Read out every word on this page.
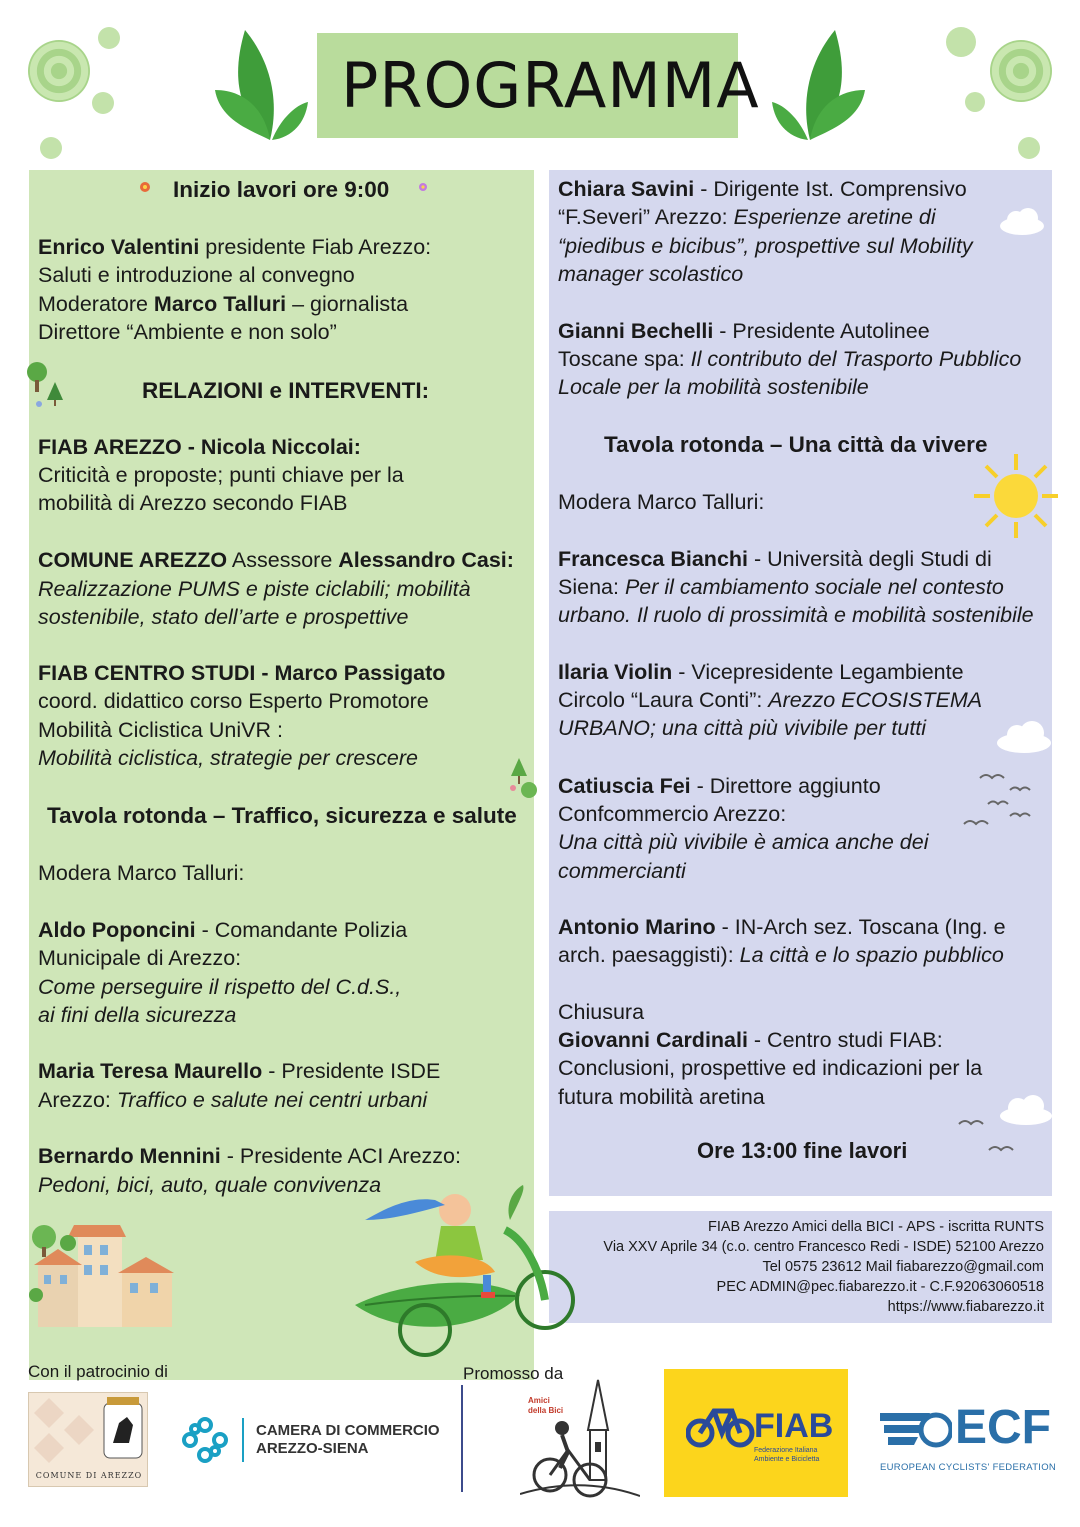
PROGRAMMA
Inizio lavori ore 9:00
Enrico Valentini presidente Fiab Arezzo:
Saluti e introduzione al convegno
Moderatore Marco Talluri – giornalista
Direttore “Ambiente e non solo”
RELAZIONI e INTERVENTI:
FIAB AREZZO - Nicola Niccolai:
Criticità e proposte; punti chiave per la
mobilità di Arezzo secondo FIAB
COMUNE AREZZO Assessore Alessandro Casi:
Realizzazione PUMS e piste ciclabili; mobilità
sostenibile, stato dell’arte e prospettive
FIAB CENTRO STUDI - Marco Passigato
coord. didattico corso Esperto Promotore
Mobilità Ciclistica UniVR :
Mobilità ciclistica, strategie per crescere
Tavola rotonda – Traffico, sicurezza e salute
Modera Marco Talluri:
Aldo Poponcini - Comandante Polizia
Municipale di Arezzo:
Come perseguire il rispetto del C.d.S.,
ai fini della sicurezza
Maria Teresa Maurello - Presidente ISDE
Arezzo: Traffico e salute nei centri urbani
Bernardo Mennini - Presidente ACI Arezzo:
Pedoni, bici, auto, quale convivenza
Chiara Savini - Dirigente Ist. Comprensivo
“F.Severi” Arezzo: Esperienze aretine di
“piedibus e bicibus”, prospettive sul Mobility
manager scolastico
Gianni Bechelli - Presidente Autolinee
Toscane spa: Il contributo del Trasporto Pubblico
Locale per la mobilità sostenibile
Tavola rotonda – Una città da vivere
Modera Marco Talluri:
Francesca Bianchi - Università degli Studi di
Siena: Per il cambiamento sociale nel contesto
urbano. Il ruolo di prossimità e mobilità sostenibile
Ilaria Violin - Vicepresidente Legambiente
Circolo “Laura Conti”: Arezzo ECOSISTEMA
URBANO; una città più vivibile per tutti
Catiuscia Fei - Direttore aggiunto
Confcommercio Arezzo:
Una città più vivibile è amica anche dei
commercianti
Antonio Marino - IN-Arch sez. Toscana (Ing. e
arch. paesaggisti): La città e lo spazio pubblico
Chiusura
Giovanni Cardinali - Centro studi FIAB:
Conclusioni, prospettive ed indicazioni per la
futura mobilità aretina
Ore 13:00 fine lavori
FIAB Arezzo Amici della BICI - APS - iscritta RUNTS
Via XXV Aprile 34 (c.o. centro Francesco Redi - ISDE) 52100 Arezzo
Tel 0575 23612 Mail fiabarezzo@gmail.com
PEC ADMIN@pec.fiabarezzo.it - C.F.92063060518
https://www.fiabarezzo.it
Con il patrocinio di	Promosso da
COMUNE DI AREZZO
CAMERA DI COMMERCIO
AREZZO-SIENA
Amici della Bici	FIAB
Federazione Italiana
Ambiente e Bicicletta
ECF
EUROPEAN CYCLISTS' FEDERATION
